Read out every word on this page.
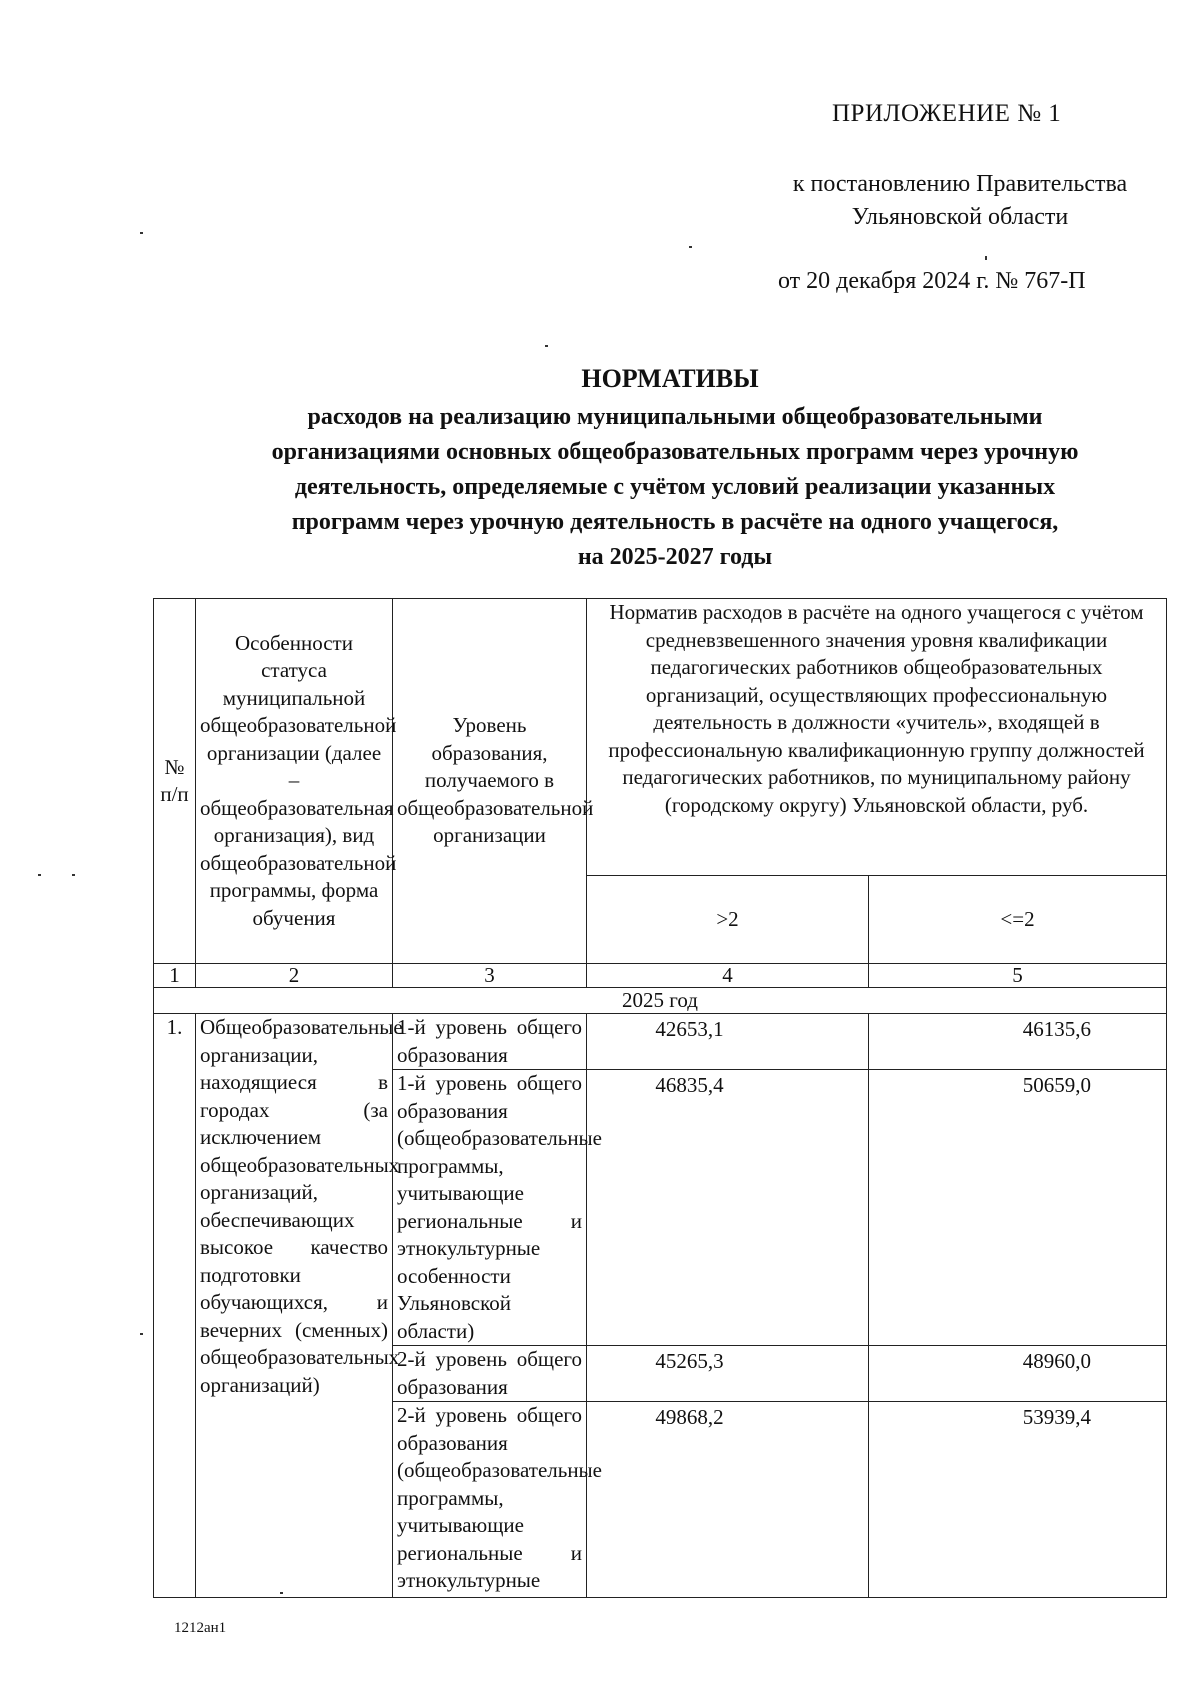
ПРИЛОЖЕНИЕ № 1
к постановлению Правительства
Ульяновской области
от 20 декабря 2024 г. № 767-П
НОРМАТИВЫ
расходов на реализацию муниципальными общеобразовательными
организациями основных общеобразовательных программ через урочную
деятельность, определяемые с учётом условий реализации указанных
программ через урочную деятельность в расчёте на одного учащегося,
на 2025-2027 годы
№ п/п	Особенности статуса муниципальной общеобразовательной организации (далее – общеобразовательная организация), вид общеобразовательной программы, форма обучения	Уровень образования, получаемого в общеобразовательной организации	Норматив расходов в расчёте на одного учащегося с учётом средневзвешенного значения уровня квалификации педагогических работников общеобразовательных организаций, осуществляющих профессиональную деятельность в должности «учитель», входящей в профессиональную квалификационную группу должностей педагогических работников, по муниципальному району (городскому округу) Ульяновской области, руб.	
			>2	<=2
1	2	3	4	5
2025 год				
1.	Общеобразовательные организации, находящиеся в городах (за исключением общеобразовательных организаций, обеспечивающих высокое качество подготовки обучающихся, и вечерних (сменных) общеобразовательных организаций)	1-й уровень общего образования	42653,1	46135,6
		1-й уровень общего образования (общеобразовательные программы, учитывающие региональные и этнокультурные особенности Ульяновской области)	46835,4	50659,0
		2-й уровень общего образования	45265,3	48960,0
		2-й уровень общего образования (общеобразовательные программы, учитывающие региональные и этнокультурные	49868,2	53939,4
1212ан1
